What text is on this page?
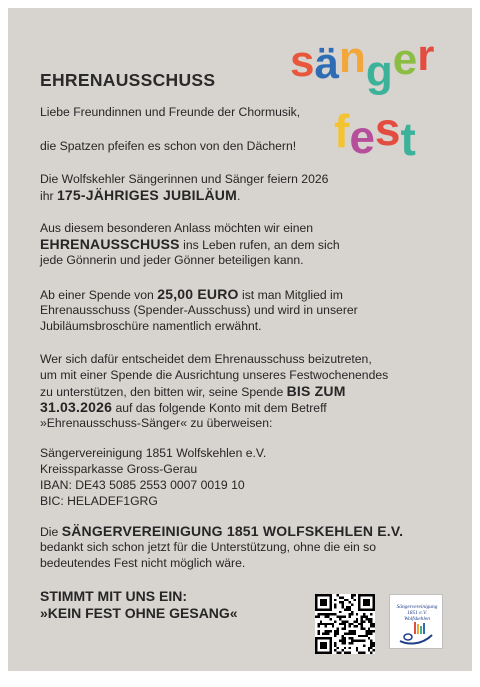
EHRENAUSSCHUSS sänger
fest
Liebe Freundinnen und Freunde der Chormusik,
die Spatzen pfeifen es schon von den Dächern!
Die Wolfskehler Sängerinnen und Sänger feiern 2026
ihr 175-JÄHRIGES JUBILÄUM.
Aus diesem besonderen Anlass möchten wir einen
EHRENAUSSCHUSS ins Leben rufen, an dem sich
jede Gönnerin und jeder Gönner beteiligen kann.
Ab einer Spende von 25,00 EURO ist man Mitglied im
Ehrenausschuss (Spender-Ausschuss) und wird in unserer
Jubiläumsbroschüre namentlich erwähnt.
Wer sich dafür entscheidet dem Ehrenausschuss beizutreten,
um mit einer Spende die Ausrichtung unseres Festwochenendes
zu unterstützen, den bitten wir, seine Spende BIS ZUM
31.03.2026 auf das folgende Konto mit dem Betreff
»Ehrenausschuss-Sänger« zu überweisen:
Sängervereinigung 1851 Wolfskehlen e.V.
Kreissparkasse Gross-Gerau
IBAN: DE43 5085 2553 0007 0019 10
BIC: HELADEF1GRG
Die SÄNGERVEREINIGUNG 1851 WOLFSKEHLEN E.V.
bedankt sich schon jetzt für die Unterstützung, ohne die ein so
bedeutendes Fest nicht möglich wäre.
STIMMT MIT UNS EIN:
»KEIN FEST OHNE GESANG«	Sängervereinigung
1851 e.V.
Wolfskehlen
